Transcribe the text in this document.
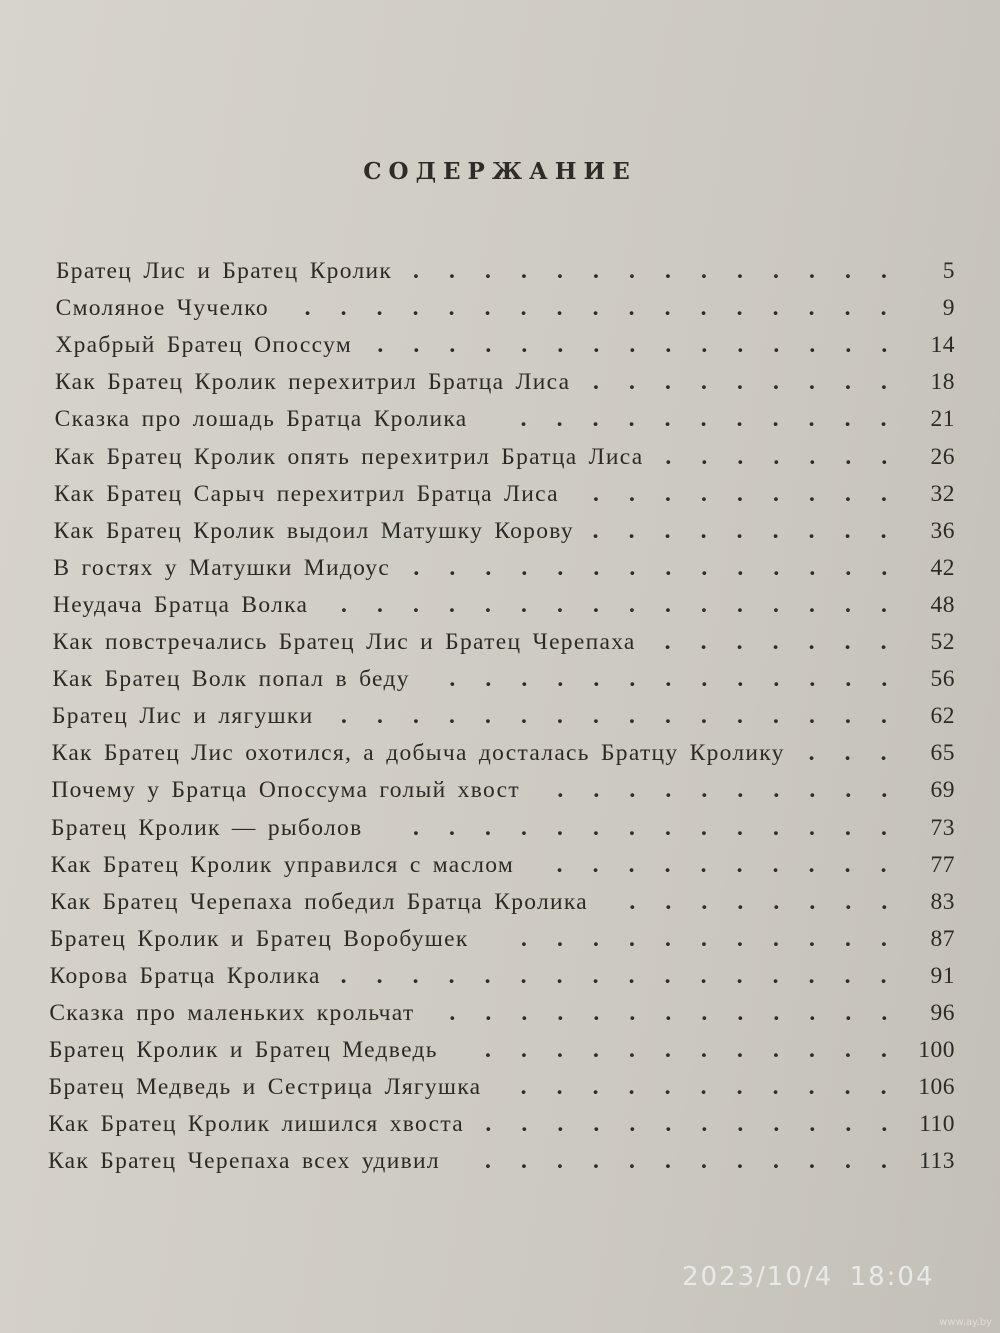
СОДЕРЖАНИЕ
Братец Лис и Братец Кролик . . . . . . . . . . . . . . 5
Смоляное Чучелко . . . . . . . . . . . . . . . . . 9
Храбрый Братец Опоссум . . . . . . . . . . . . . . . 14
Как Братец Кролик перехитрил Братца Лиса . . . . . . . . . 18
Сказка про лошадь Братца Кролика . . . . . . . . . . . 21
Как Братец Кролик опять перехитрил Братца Лиса . . . . . . . 26
Как Братец Сарыч перехитрил Братца Лиса . . . . . . . . . 32
Как Братец Кролик выдоил Матушку Корову . . . . . . . . . 36
В гостях у Матушки Мидоус . . . . . . . . . . . . . . 42
Неудача Братца Волка . . . . . . . . . . . . . . . . 48
Как повстречались Братец Лис и Братец Черепаха . . . . . . . 52
Как Братец Волк попал в беду . . . . . . . . . . . . . 56
Братец Лис и лягушки . . . . . . . . . . . . . . . . 62
Как Братец Лис охотился, а добыча досталась Братцу Кролику . . . 65
Почему у Братца Опоссума голый хвост . . . . . . . . . . 69
Братец Кролик — рыболов . . . . . . . . . . . . . . 73
Как Братец Кролик управился с маслом . . . . . . . . . . 77
Как Братец Черепаха победил Братца Кролика . . . . . . . . 83
Братец Кролик и Братец Воробушек . . . . . . . . . . . 87
Корова Братца Кролика . . . . . . . . . . . . . . . . 91
Сказка про маленьких крольчат . . . . . . . . . . . . . 96
Братец Кролик и Братец Медведь . . . . . . . . . . . . 100
Братец Медведь и Сестрица Лягушка . . . . . . . . . . . 106
Как Братец Кролик лишился хвоста . . . . . . . . . . . . 110
Как Братец Черепаха всех удивил . . . . . . . . . . . . 113
2023/10/4 18:04
www.ay.by
